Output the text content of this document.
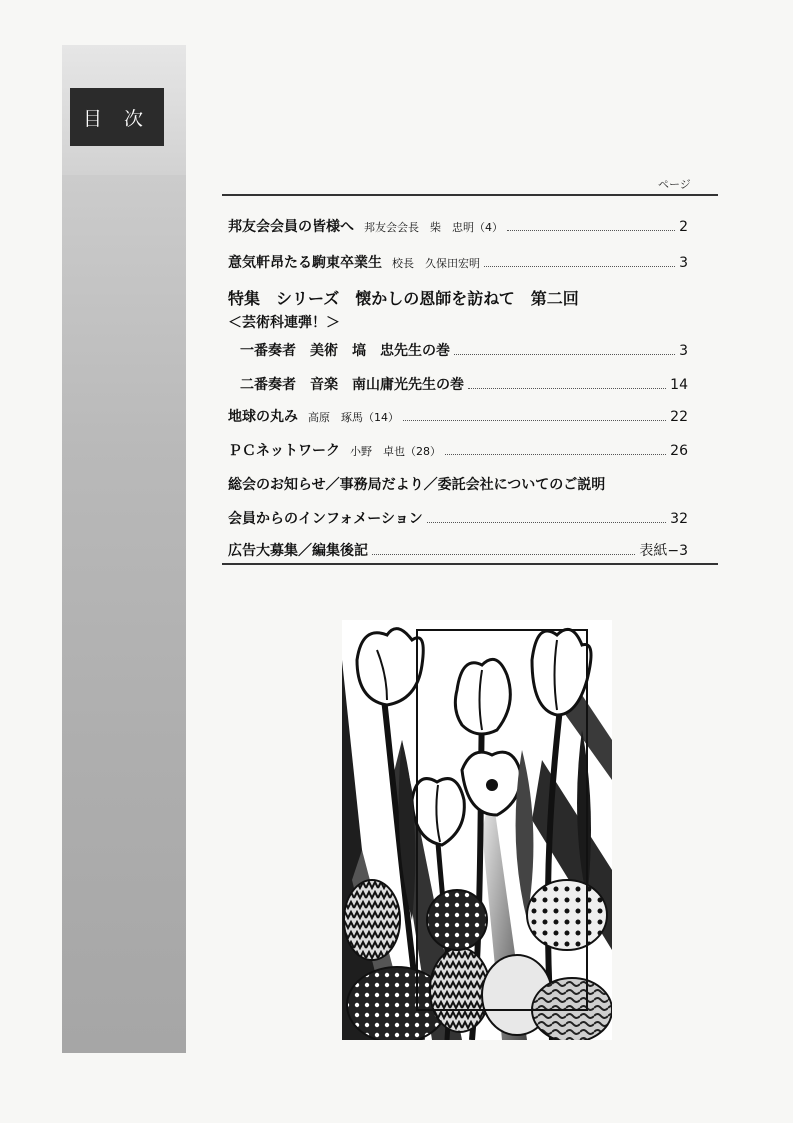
目 次
ページ
邦友会会員の皆様へ 邦友会会長　柴　忠明（4）	2
意気軒昂たる駒東卒業生 校長　久保田宏明	3
特集　シリーズ　懐かしの恩師を訪ねて　第二回
＜芸術科連弾！＞
一番奏者　美術　塙　忠先生の巻	3
二番奏者　音楽　南山庸光先生の巻	14
地球の丸み 高原　琢馬（14）	22
ＰＣネットワーク 小野　卓也（28）	26
総会のお知らせ／事務局だより／委託会社についてのご説明
会員からのインフォメーション	32
広告大募集／編集後記	表紙−3
